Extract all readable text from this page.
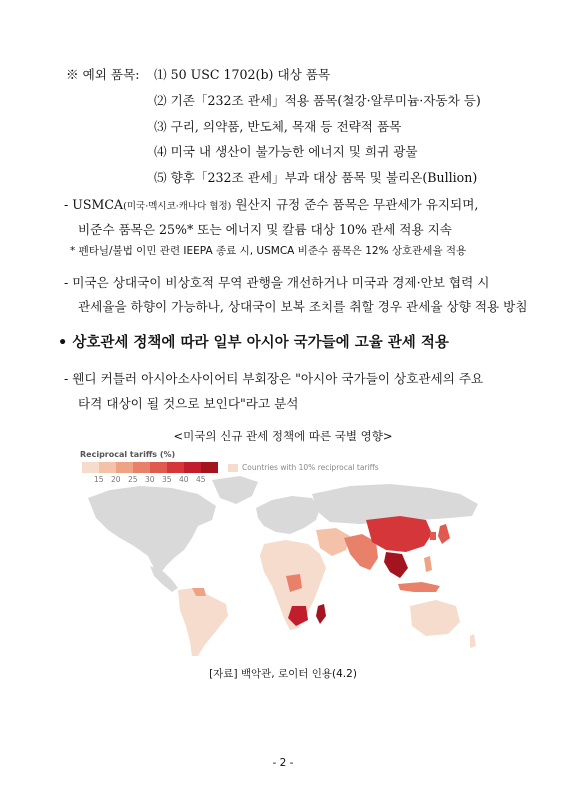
※ 예외 품목: ⑴ 50 USC 1702(b) 대상 품목
⑵ 기존「232조 관세」적용 품목(철강·알루미늄·자동차 등)
⑶ 구리, 의약품, 반도체, 목재 등 전략적 품목
⑷ 미국 내 생산이 불가능한 에너지 및 희귀 광물
⑸ 향후「232조 관세」부과 대상 품목 및 불리온(Bullion)
- USMCA(미국·멕시코·캐나다 협정) 원산지 규정 준수 품목은 무관세가 유지되며,
비준수 품목은 25%* 또는 에너지 및 칼륨 대상 10% 관세 적용 지속
* 펜타닐/불법 이민 관련 IEEPA 종료 시, USMCA 비준수 품목은 12% 상호관세율 적용
- 미국은 상대국이 비상호적 무역 관행을 개선하거나 미국과 경제·안보 협력 시
관세율을 하향이 가능하나, 상대국이 보복 조치를 취할 경우 관세율 상향 적용 방침
• 상호관세 정책에 따라 일부 아시아 국가들에 고율 관세 적용
- 웬디 커틀러 아시아소사이어티 부회장은 "아시아 국가들이 상호관세의 주요
타격 대상이 될 것으로 보인다"라고 분석
<미국의 신규 관세 정책에 따른 국별 영향>
Reciprocal tariffs (%)
15 20 25 30 35 40 45
Countries with 10% reciprocal tariffs
[자료] 백악관, 로이터 인용(4.2)
- 2 -
